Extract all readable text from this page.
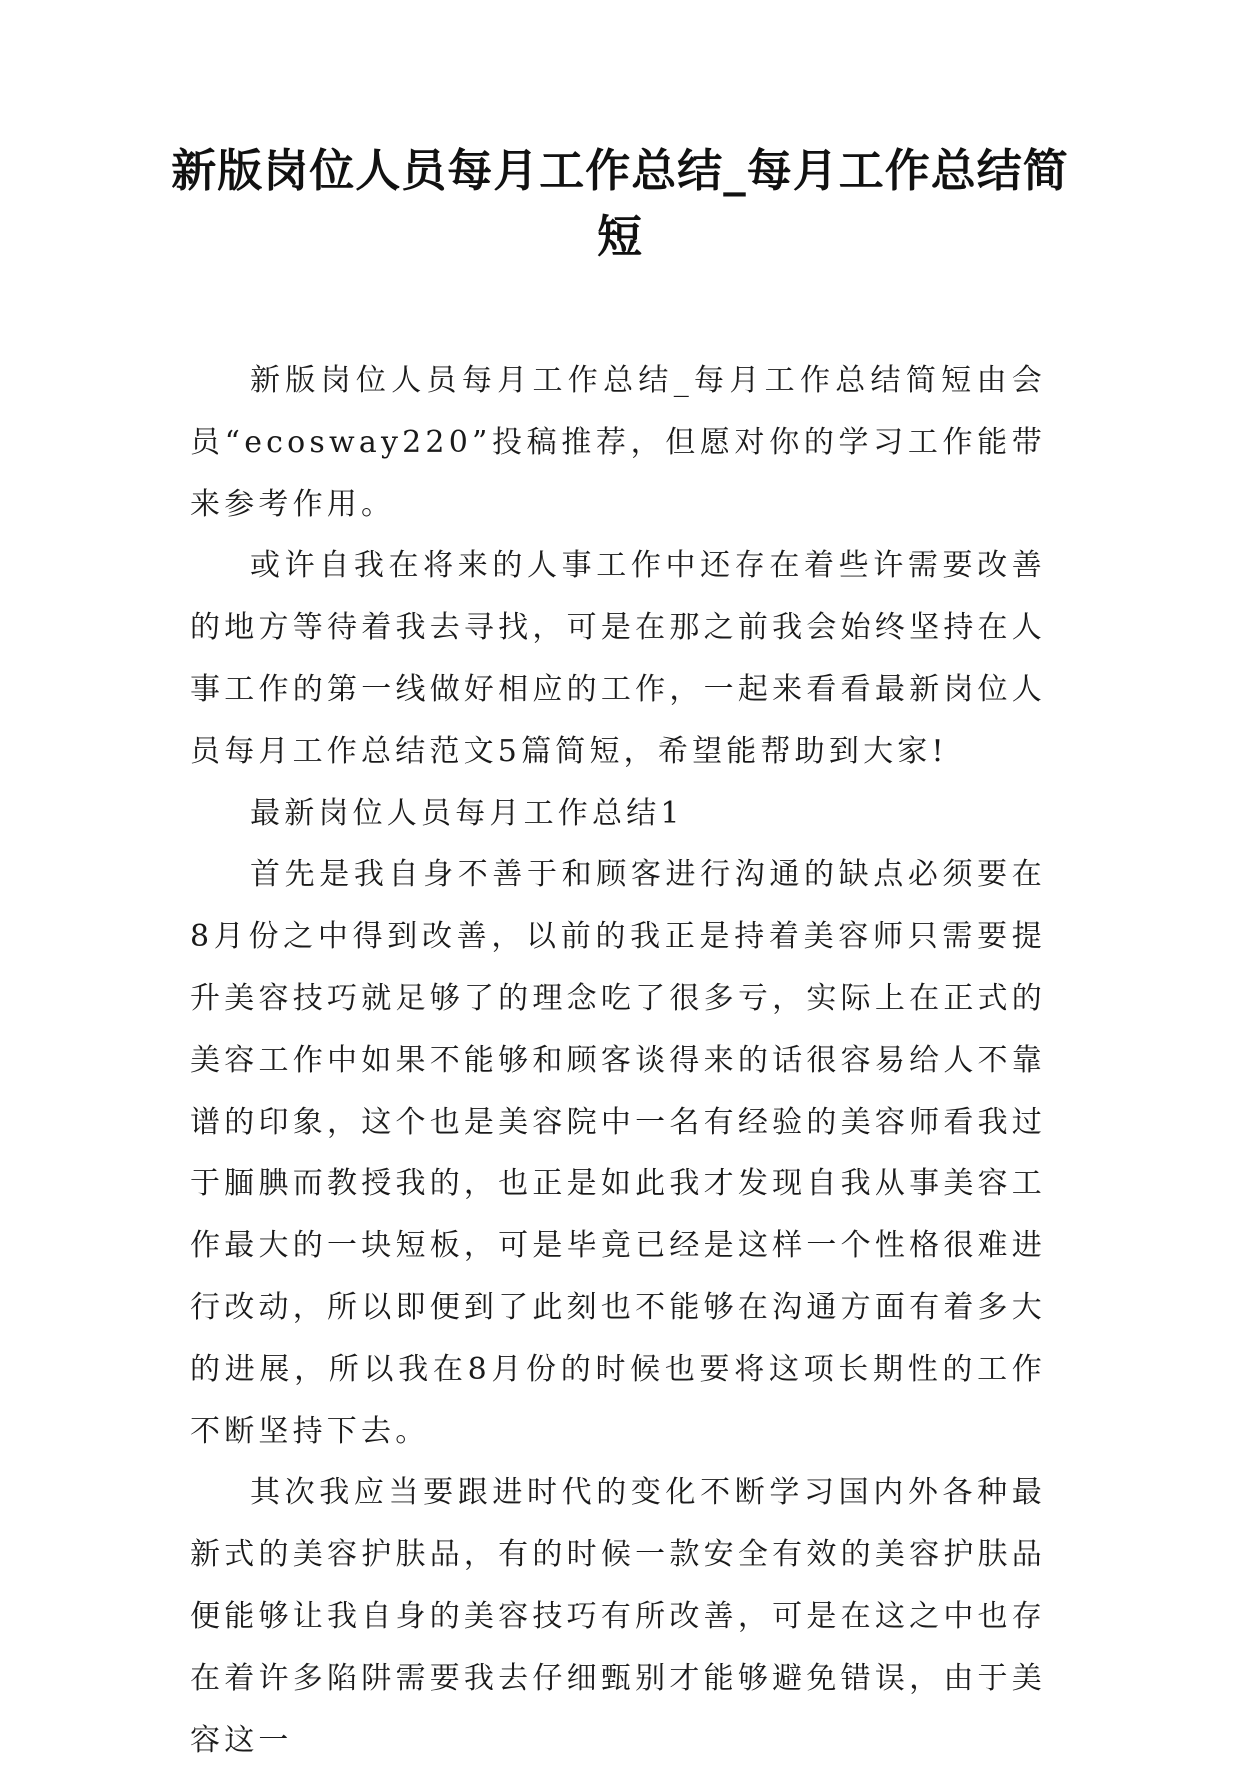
新版岗位人员每月工作总结_每月工作总结简短

新版岗位人员每月工作总结_每月工作总结简短由会员“ecosway220”投稿推荐，但愿对你的学习工作能带来参考作用。

或许自我在将来的人事工作中还存在着些许需要改善的地方等待着我去寻找，可是在那之前我会始终坚持在人事工作的第一线做好相应的工作，一起来看看最新岗位人员每月工作总结范文5篇简短，希望能帮助到大家!

最新岗位人员每月工作总结1

首先是我自身不善于和顾客进行沟通的缺点必须要在8月份之中得到改善，以前的我正是持着美容师只需要提升美容技巧就足够了的理念吃了很多亏，实际上在正式的美容工作中如果不能够和顾客谈得来的话很容易给人不靠谱的印象，这个也是美容院中一名有经验的美容师看我过于腼腆而教授我的，也正是如此我才发现自我从事美容工作最大的一块短板，可是毕竟已经是这样一个性格很难进行改动，所以即便到了此刻也不能够在沟通方面有着多大的进展，所以我在8月份的时候也要将这项长期性的工作不断坚持下去。

其次我应当要跟进时代的变化不断学习国内外各种最新式的美容护肤品，有的时候一款安全有效的美容护肤品便能够让我自身的美容技巧有所改善，可是在这之中也存在着许多陷阱需要我去仔细甄别才能够避免错误，由于美容这一
